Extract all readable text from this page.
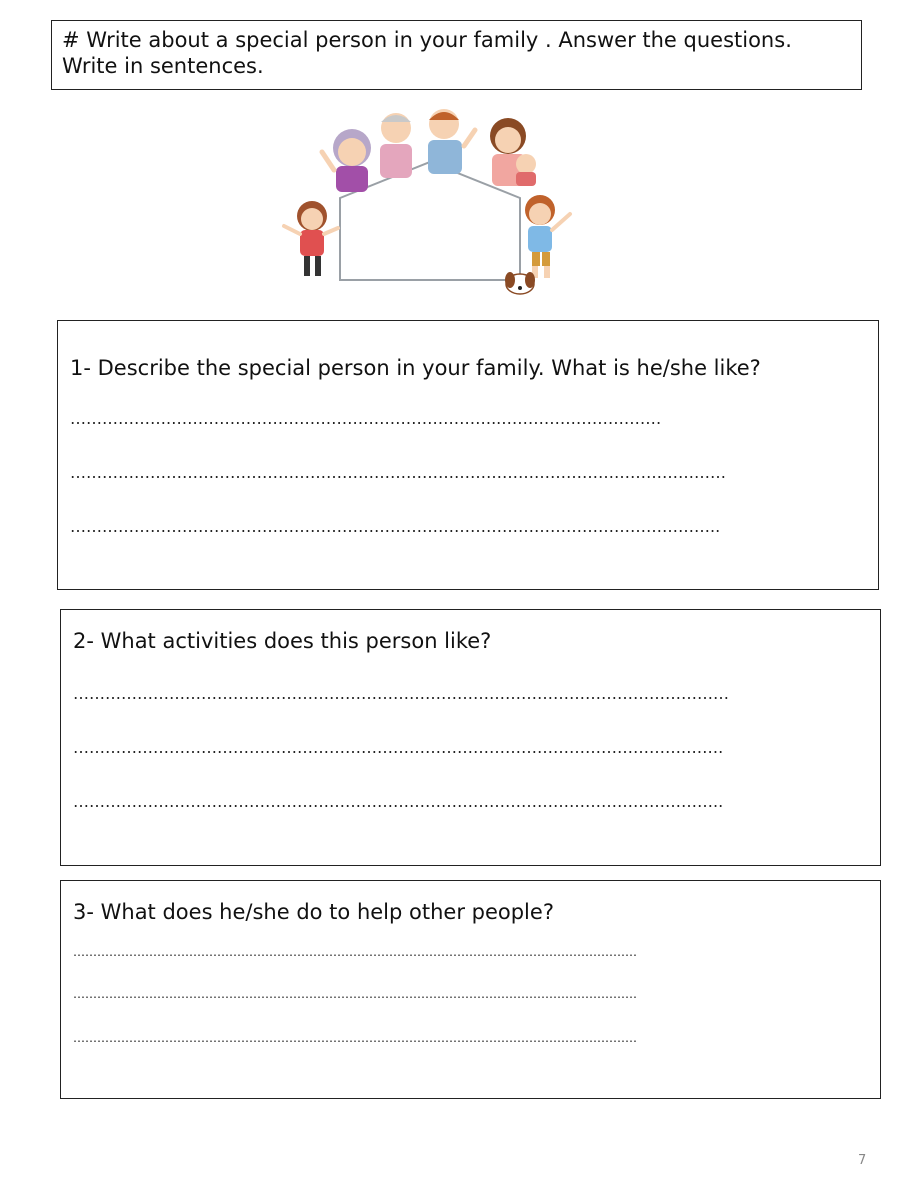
# Write about a special person in your family . Answer the questions.
Write in sentences.
1- Describe the special person in your family. What is he/she like?
……………….……………………………………………………..…………………………
……………………………………………………………………………………………………………
…………………………………………………………………………………………………………..
2- What activities does this person like?
……………………………………………………………………………………………………………
…………………………………………………………………………………………………….…….
…………………………………………………………………………………………………………..
3- What does he/she do to help other people?
……………………………………………………………………………………………………………………………
……………………………………………………………………………………………………………………………
……………………………………………………………………………………………………………………………
7
